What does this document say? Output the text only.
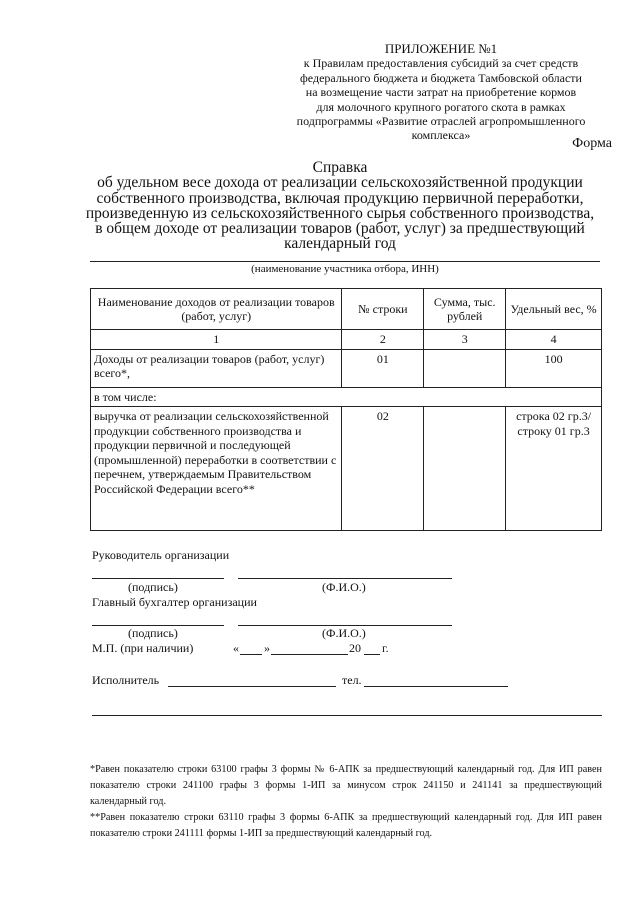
ПРИЛОЖЕНИЕ №1
к Правилам предоставления субсидий за счет средств
федерального бюджета и бюджета Тамбовской области
на возмещение части затрат на приобретение кормов
для молочного крупного рогатого скота в рамках
подпрограммы «Развитие отраслей агропромышленного
комплекса»
Форма
Справка
об удельном весе дохода от реализации сельскохозяйственной продукции
собственного производства, включая продукцию первичной переработки,
произведенную из сельскохозяйственного сырья собственного производства,
в общем доходе от реализации товаров (работ, услуг) за предшествующий
календарный год
(наименование участника отбора, ИНН)
Наименование доходов от реализации товаров (работ, услуг)	№ строки	Сумма, тыс. рублей	Удельный вес, %
1	2	3	4
Доходы от реализации товаров (работ, услуг) всего*,	01		100
в том числе:			
выручка от реализации сельскохозяйственной продукции собственного производства и продукции первичной и последующей (промышленной) переработки в соответствии с перечнем, утверждаемым Правительством Российской Федерации всего**	02		строка 02 гр.3/ строку 01 гр.3
Руководитель организации
(подпись)	(Ф.И.О.)
Главный бухгалтер организации
(подпись)	(Ф.И.О.)
М.П. (при наличии)	« »	20 г.
Исполнитель	тел.
*Равен показателю строки 63100 графы 3 формы № 6-АПК за предшествующий календарный год. Для ИП равен показателю строки 241100 графы 3 формы 1-ИП за минусом строк 241150 и 241141 за предшествующий календарный год.
**Равен показателю строки 63110 графы 3 формы 6-АПК за предшествующий календарный год. Для ИП равен показателю строки 241111 формы 1-ИП за предшествующий календарный год.
